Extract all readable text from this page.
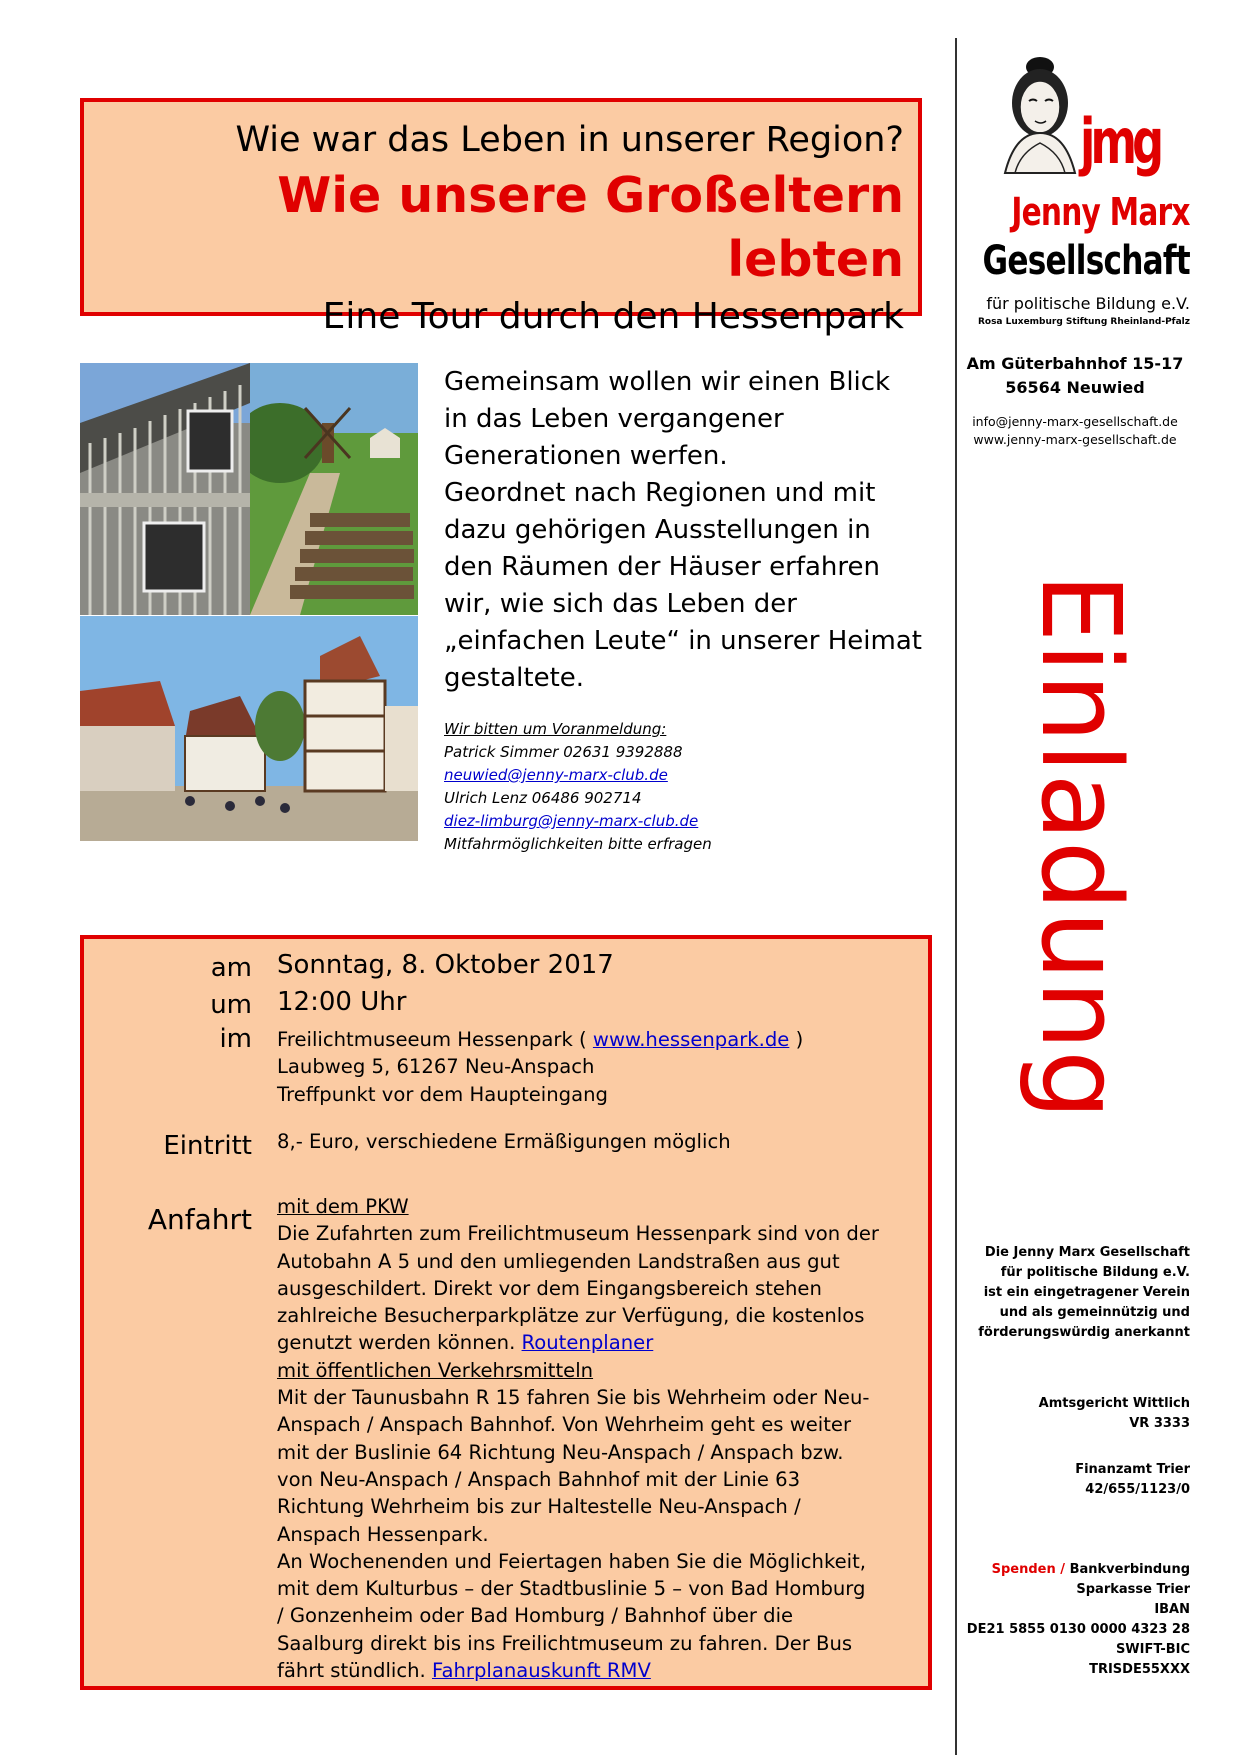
Wie war das Leben in unserer Region?
Wie unsere Großeltern lebten
Eine Tour durch den Hessenpark
Gemeinsam wollen wir einen Blick
in das Leben vergangener
Generationen werfen.
Geordnet nach Regionen und mit
dazu gehörigen Ausstellungen in
den Räumen der Häuser erfahren
wir, wie sich das Leben der
„einfachen Leute“ in unserer Heimat
gestaltete.
Wir bitten um Voranmeldung:
Patrick Simmer 02631 9392888
neuwied@jenny-marx-club.de
Ulrich Lenz 06486 902714
diez-limburg@jenny-marx-club.de
Mitfahrmöglichkeiten bitte erfragen
am
um
im
Eintritt
Anfahrt
Sonntag, 8. Oktober 2017
12:00 Uhr
Freilichtmuseeum Hessenpark ( www.hessenpark.de )
Laubweg 5, 61267 Neu-Anspach
Treffpunkt vor dem Haupteingang
8,- Euro, verschiedene Ermäßigungen möglich
mit dem PKW
Die Zufahrten zum Freilichtmuseum Hessenpark sind von der
Autobahn A 5 und den umliegenden Landstraßen aus gut
ausgeschildert. Direkt vor dem Eingangsbereich stehen
zahlreiche Besucherparkplätze zur Verfügung, die kostenlos
genutzt werden können. Routenplaner
mit öffentlichen Verkehrsmitteln
Mit der Taunusbahn R 15 fahren Sie bis Wehrheim oder Neu-
Anspach / Anspach Bahnhof. Von Wehrheim geht es weiter
mit der Buslinie 64 Richtung Neu-Anspach / Anspach bzw.
von Neu-Anspach / Anspach Bahnhof mit der Linie 63
Richtung Wehrheim bis zur Haltestelle Neu-Anspach /
Anspach Hessenpark.
An Wochenenden und Feiertagen haben Sie die Möglichkeit,
mit dem Kulturbus – der Stadtbuslinie 5 – von Bad Homburg
/ Gonzenheim oder Bad Homburg / Bahnhof über die
Saalburg direkt bis ins Freilichtmuseum zu fahren. Der Bus
fährt stündlich. Fahrplanauskunft RMV
jmg
Jenny Marx
Gesellschaft
für politische Bildung e.V.
Rosa Luxemburg Stiftung Rheinland-Pfalz
Am Güterbahnhof 15-17
56564 Neuwied
info@jenny-marx-gesellschaft.de
www.jenny-marx-gesellschaft.de
Einladung
Die Jenny Marx Gesellschaft
für politische Bildung e.V.
ist ein eingetragener Verein
und als gemeinnützig und
förderungswürdig anerkannt
Amtsgericht Wittlich
VR 3333
Finanzamt Trier
42/655/1123/0
Spenden / Bankverbindung
Sparkasse Trier
IBAN
DE21 5855 0130 0000 4323 28
SWIFT-BIC
TRISDE55XXX
